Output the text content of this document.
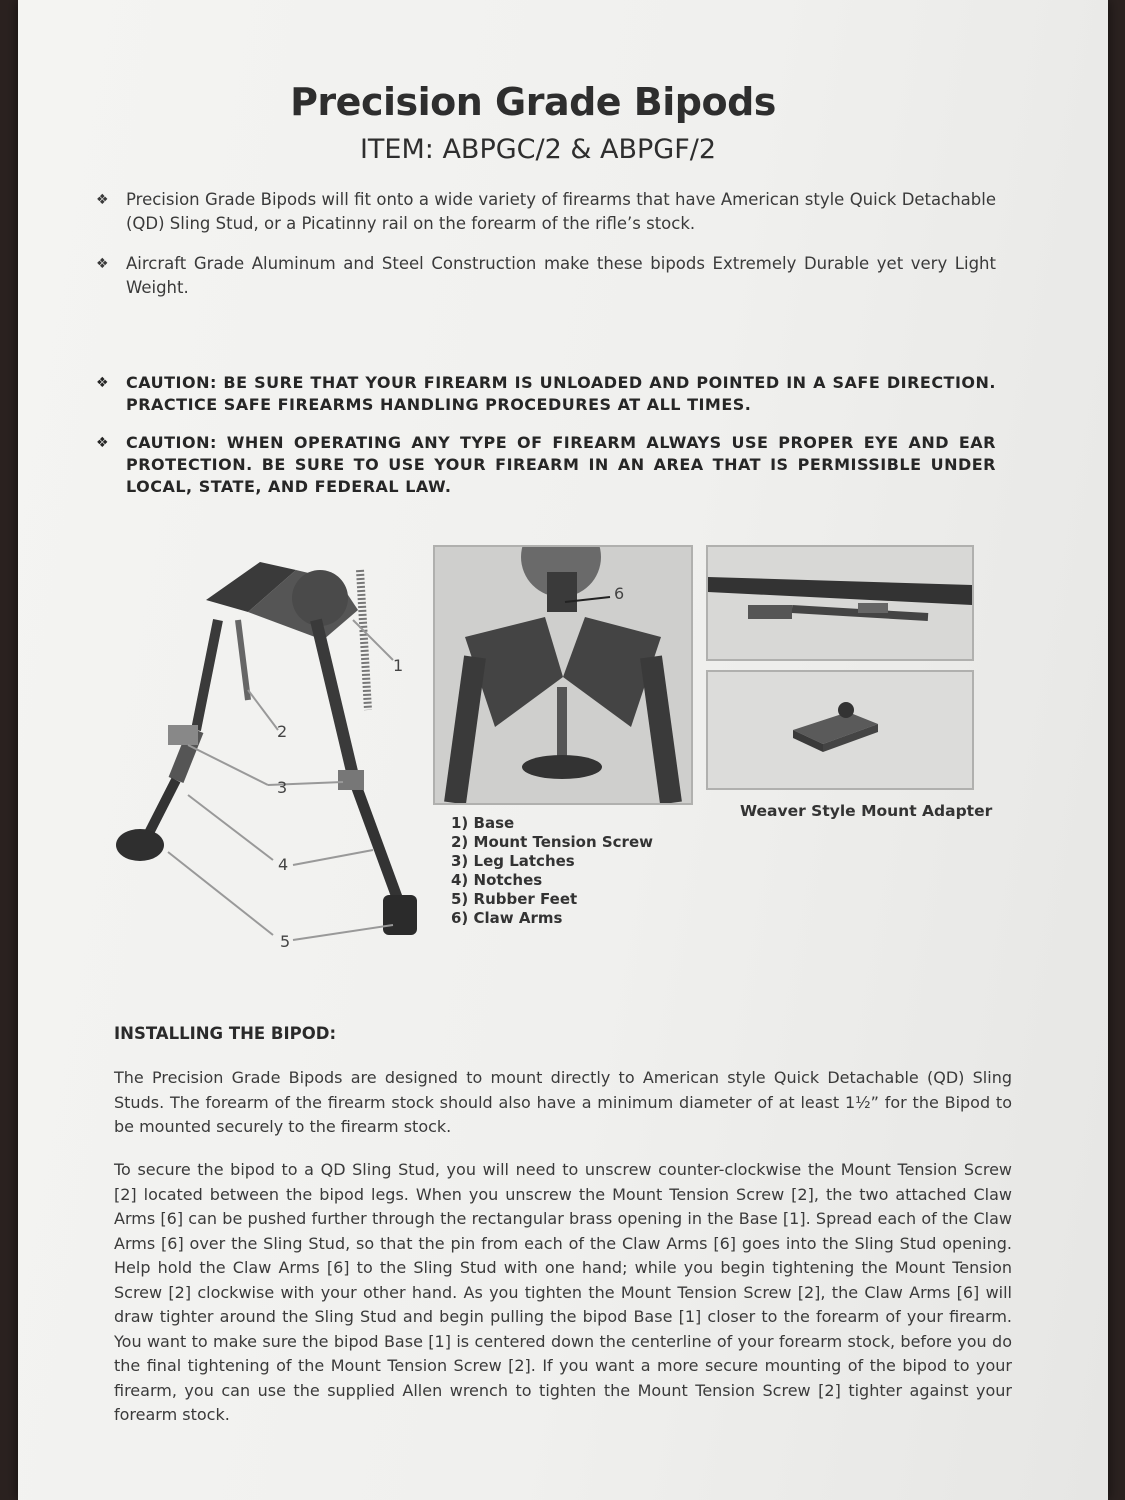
Precision Grade Bipods
ITEM: ABPGC/2 & ABPGF/2
❖ Precision Grade Bipods will fit onto a wide variety of firearms that have American style Quick Detachable (QD) Sling Stud, or a Picatinny rail on the forearm of the rifle’s stock.
❖ Aircraft Grade Aluminum and Steel Construction make these bipods Extremely Durable yet very Light Weight.
❖ CAUTION: BE SURE THAT YOUR FIREARM IS UNLOADED AND POINTED IN A SAFE DIRECTION. PRACTICE SAFE FIREARMS HANDLING PROCEDURES AT ALL TIMES.
❖ CAUTION: WHEN OPERATING ANY TYPE OF FIREARM ALWAYS USE PROPER EYE AND EAR PROTECTION. BE SURE TO USE YOUR FIREARM IN AN AREA THAT IS PERMISSIBLE UNDER LOCAL, STATE, AND FEDERAL LAW.
1
2
3
4
5
6
Weaver Style Mount Adapter
1) Base
2) Mount Tension Screw
3) Leg Latches
4) Notches
5) Rubber Feet
6) Claw Arms
INSTALLING THE BIPOD:
The Precision Grade Bipods are designed to mount directly to American style Quick Detachable (QD) Sling Studs. The forearm of the firearm stock should also have a minimum diameter of at least 1½” for the Bipod to be mounted securely to the firearm stock.
To secure the bipod to a QD Sling Stud, you will need to unscrew counter-clockwise the Mount Tension Screw [2] located between the bipod legs. When you unscrew the Mount Tension Screw [2], the two attached Claw Arms [6] can be pushed further through the rectangular brass opening in the Base [1]. Spread each of the Claw Arms [6] over the Sling Stud, so that the pin from each of the Claw Arms [6] goes into the Sling Stud opening. Help hold the Claw Arms [6] to the Sling Stud with one hand; while you begin tightening the Mount Tension Screw [2] clockwise with your other hand. As you tighten the Mount Tension Screw [2], the Claw Arms [6] will draw tighter around the Sling Stud and begin pulling the bipod Base [1] closer to the forearm of your firearm. You want to make sure the bipod Base [1] is centered down the centerline of your forearm stock, before you do the final tightening of the Mount Tension Screw [2]. If you want a more secure mounting of the bipod to your firearm, you can use the supplied Allen wrench to tighten the Mount Tension Screw [2] tighter against your forearm stock.
